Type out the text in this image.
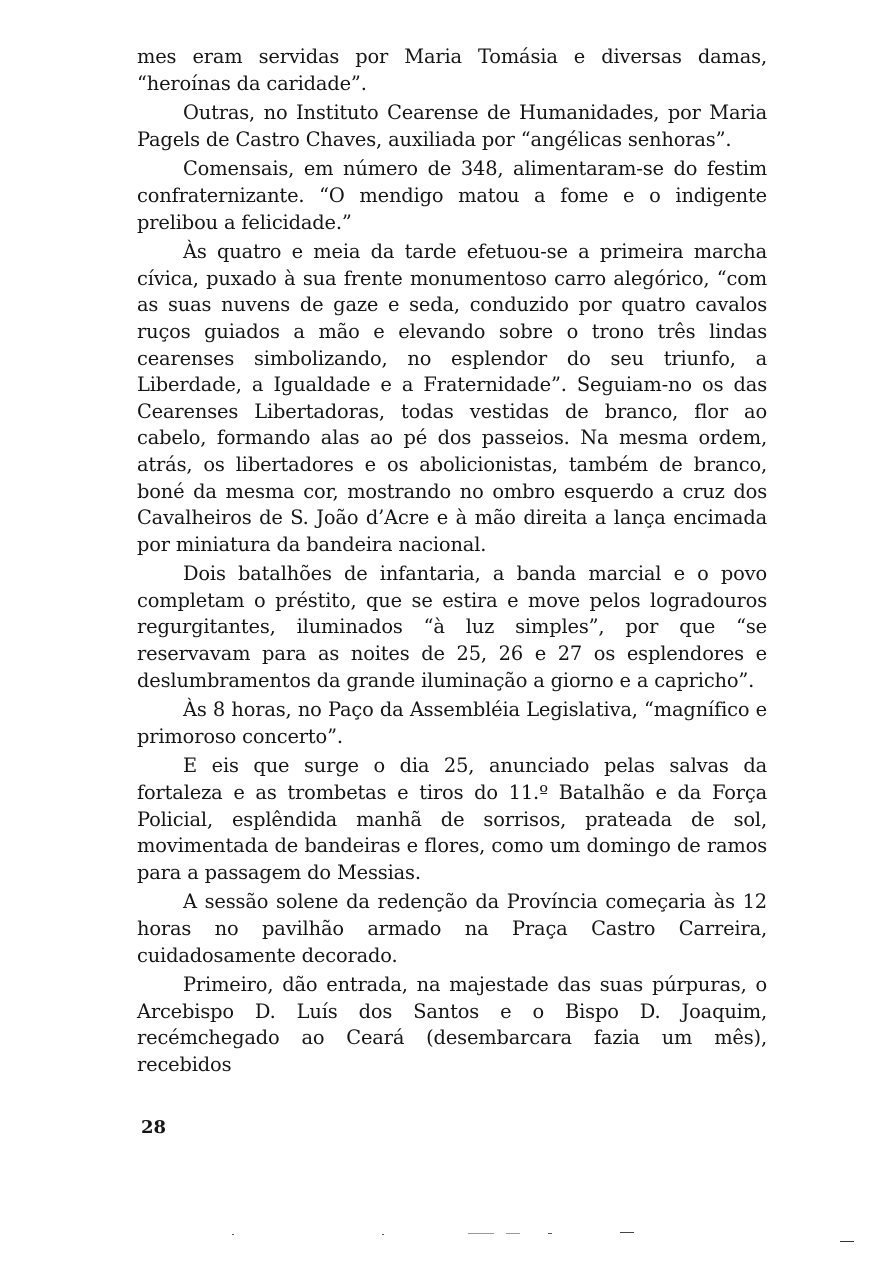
mes eram servidas por Maria Tomásia e diversas damas, “heroínas da caridade”.

Outras, no Instituto Cearense de Humanidades, por Maria Pagels de Castro Chaves, auxiliada por “angélicas senhoras”.

Comensais, em número de 348, alimentaram-se do festim confraternizante. “O mendigo matou a fome e o indigente prelibou a felicidade.”

Às quatro e meia da tarde efetuou-se a primeira marcha cívica, puxado à sua frente monumentoso carro alegórico, “com as suas nuvens de gaze e seda, conduzido por quatro cavalos ruços guiados a mão e elevando sobre o trono três lindas cearenses simbolizando, no esplendor do seu triunfo, a Liberdade, a Igualdade e a Fraternidade”. Seguiam-no os das Cearenses Libertadoras, todas vestidas de branco, flor ao cabelo, formando alas ao pé dos passeios. Na mesma ordem, atrás, os libertadores e os abolicionistas, também de branco, boné da mesma cor, mostrando no ombro esquerdo a cruz dos Cavalheiros de S. João d’Acre e à mão direita a lança encimada por miniatura da bandeira nacional.

Dois batalhões de infantaria, a banda marcial e o povo completam o préstito, que se estira e move pelos logradouros regurgitantes, iluminados “à luz simples”, por que “se reservavam para as noites de 25, 26 e 27 os esplendores e deslumbramentos da grande iluminação a giorno e a capricho”.

Às 8 horas, no Paço da Assembléia Legislativa, “magnífico e primoroso concerto”.

E eis que surge o dia 25, anunciado pelas salvas da fortaleza e as trombetas e tiros do 11.º Batalhão e da Força Policial, esplêndida manhã de sorrisos, prateada de sol, movimentada de bandeiras e flores, como um domingo de ramos para a passagem do Messias.

A sessão solene da redenção da Província começaria às 12 horas no pavilhão armado na Praça Castro Carreira, cuidadosamente decorado.

Primeiro, dão entrada, na majestade das suas púrpuras, o Arcebispo D. Luís dos Santos e o Bispo D. Joaquim, recémchegado ao Ceará (desembarcara fazia um mês), recebidos

28
